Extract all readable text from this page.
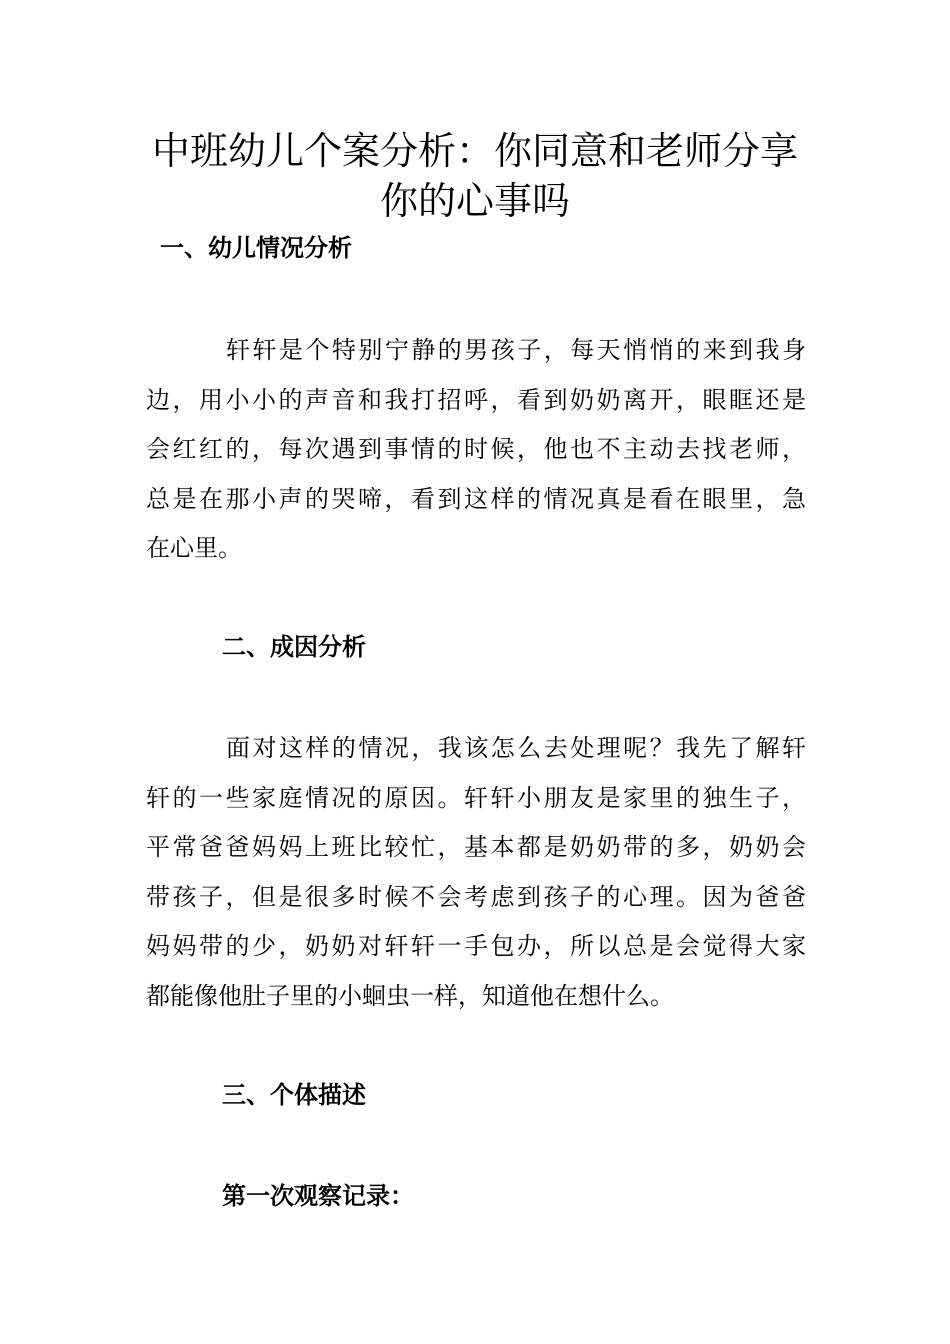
中班幼儿个案分析：你同意和老师分享
你的心事吗
一、幼儿情况分析
轩轩是个特别宁静的男孩子，每天悄悄的来到我身
边，用小小的声音和我打招呼，看到奶奶离开，眼眶还是
会红红的，每次遇到事情的时候，他也不主动去找老师，
总是在那小声的哭啼，看到这样的情况真是看在眼里，急
在心里。
二、成因分析
面对这样的情况，我该怎么去处理呢？我先了解轩
轩的一些家庭情况的原因。轩轩小朋友是家里的独生子，
平常爸爸妈妈上班比较忙，基本都是奶奶带的多，奶奶会
带孩子，但是很多时候不会考虑到孩子的心理。因为爸爸
妈妈带的少，奶奶对轩轩一手包办，所以总是会觉得大家
都能像他肚子里的小蛔虫一样，知道他在想什么。
三、个体描述
第一次观察记录：
